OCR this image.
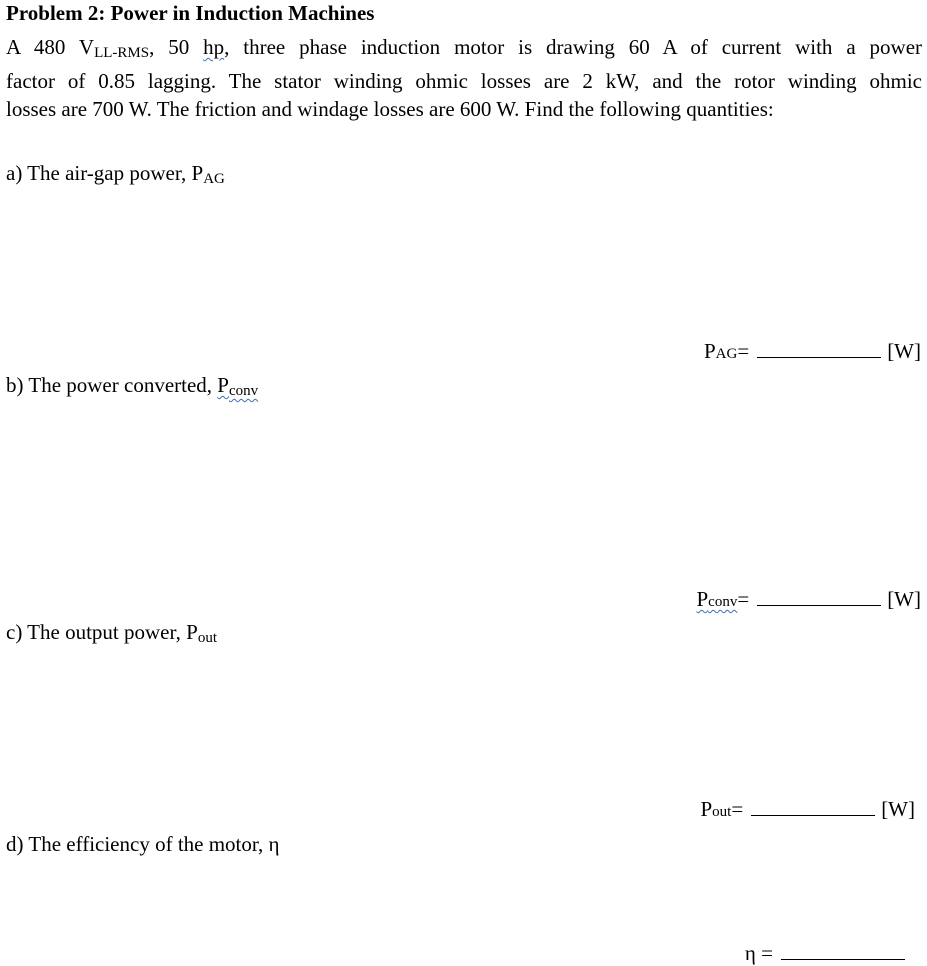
Problem 2: Power in Induction Machines
A 480 $V_{LL-RMS}$, 50 hp, three phase induction motor is drawing 60 A of current with a power
factor of 0.85 lagging. The stator winding ohmic losses are 2 kW, and the rotor winding ohmic
losses are 700 W. The friction and windage losses are 600 W. Find the following quantities:
a) The air-gap power, $P_{AG}$
P AG =	[W]
b) The power converted, $P_{conv}$
P conv =	[W]
c) The output power, $P_{out}$
P out =	[W]
d) The efficiency of the motor, η
η =
